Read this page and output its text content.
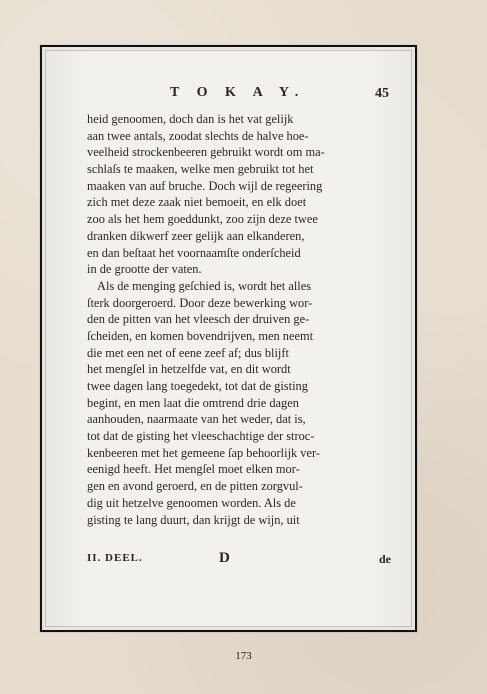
T O K A Y.	45

heid genoomen, doch dan is het vat gelijk

aan twee antals, zoodat slechts de halve hoe-

veelheid strockenbeeren gebruikt wordt om ma-

schlaſs te maaken, welke men gebruikt tot het

maaken van auf bruche. Doch wijl de regeering

zich met deze zaak niet bemoeit, en elk doet

zoo als het hem goeddunkt, zoo zijn deze twee

dranken dikwerf zeer gelijk aan elkanderen,

en dan beſtaat het voornaamſte onderſcheid

in de grootte der vaten.

Als de menging geſchied is, wordt het alles

ſterk doorgeroerd. Door deze bewerking wor-

den de pitten van het vleesch der druiven ge-

ſcheiden, en komen bovendrijven, men neemt

die met een net of eene zeef af; dus blijft

het mengſel in hetzelfde vat, en dit wordt

twee dagen lang toegedekt, tot dat de gisting

begint, en men laat die omtrend drie dagen

aanhouden, naarmaate van het weder, dat is,

tot dat de gisting het vleeschachtige der stroc-

kenbeeren met het gemeene ſap behoorlijk ver-

eenigd heeft. Het mengſel moet elken mor-

gen en avond geroerd, en de pitten zorgvul-

dig uit hetzelve genoomen worden. Als de

gisting te lang duurt, dan krijgt de wijn, uit

II. DEEL.	D	de
173
